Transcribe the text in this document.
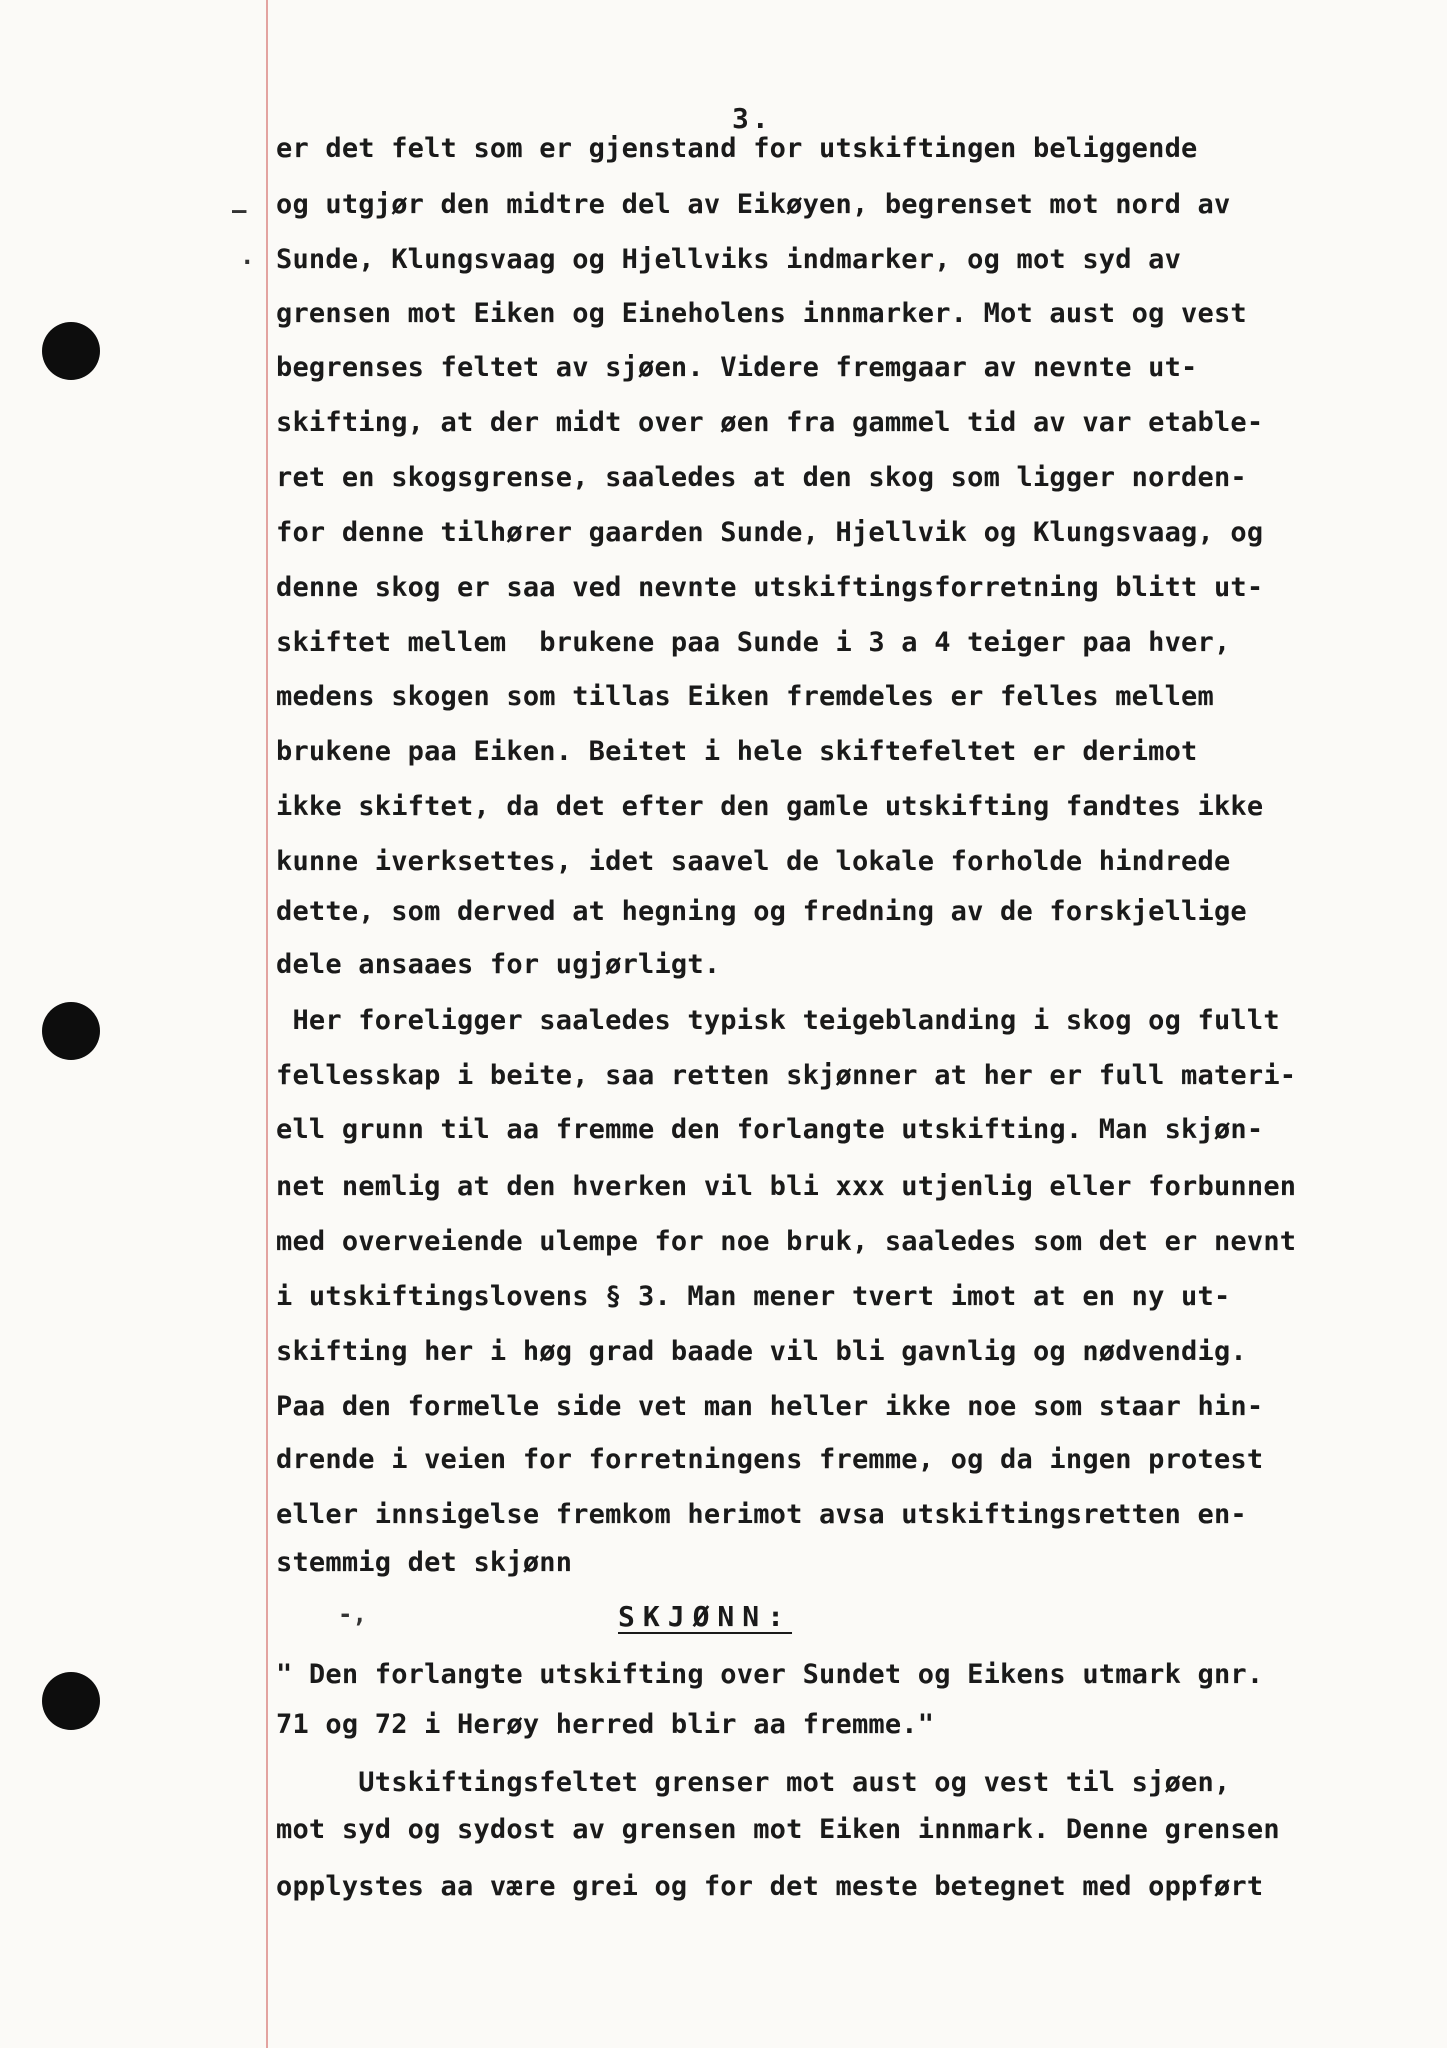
–
·
3.
er det felt som er gjenstand for utskiftingen beliggende
og utgjør den midtre del av Eikøyen, begrenset mot nord av
Sunde, Klungsvaag og Hjellviks indmarker, og mot syd av
grensen mot Eiken og Eineholens innmarker. Mot aust og vest
begrenses feltet av sjøen. Videre fremgaar av nevnte ut-
skifting, at der midt over øen fra gammel tid av var etable-
ret en skogsgrense, saaledes at den skog som ligger norden-
for denne tilhører gaarden Sunde, Hjellvik og Klungsvaag, og
denne skog er saa ved nevnte utskiftingsforretning blitt ut-
skiftet mellem  brukene paa Sunde i 3 a 4 teiger paa hver,
medens skogen som tillas Eiken fremdeles er felles mellem
brukene paa Eiken. Beitet i hele skiftefeltet er derimot
ikke skiftet, da det efter den gamle utskifting fandtes ikke
kunne iverksettes, idet saavel de lokale forholde hindrede
dette, som derved at hegning og fredning av de forskjellige
dele ansaaes for ugjørligt.
Her foreligger saaledes typisk teigeblanding i skog og fullt
fellesskap i beite, saa retten skjønner at her er full materi-
ell grunn til aa fremme den forlangte utskifting. Man skjøn-
net nemlig at den hverken vil bli xxx utjenlig eller forbunnen
med overveiende ulempe for noe bruk, saaledes som det er nevnt
i utskiftingslovens § 3. Man mener tvert imot at en ny ut-
skifting her i høg grad baade vil bli gavnlig og nødvendig.
Paa den formelle side vet man heller ikke noe som staar hin-
drende i veien for forretningens fremme, og da ingen protest
eller innsigelse fremkom herimot avsa utskiftingsretten en-
stemmig det skjønn
-,	SKJØNN:
" Den forlangte utskifting over Sundet og Eikens utmark gnr.
71 og 72 i Herøy herred blir aa fremme."
Utskiftingsfeltet grenser mot aust og vest til sjøen,
mot syd og sydost av grensen mot Eiken innmark. Denne grensen
opplystes aa være grei og for det meste betegnet med oppført
